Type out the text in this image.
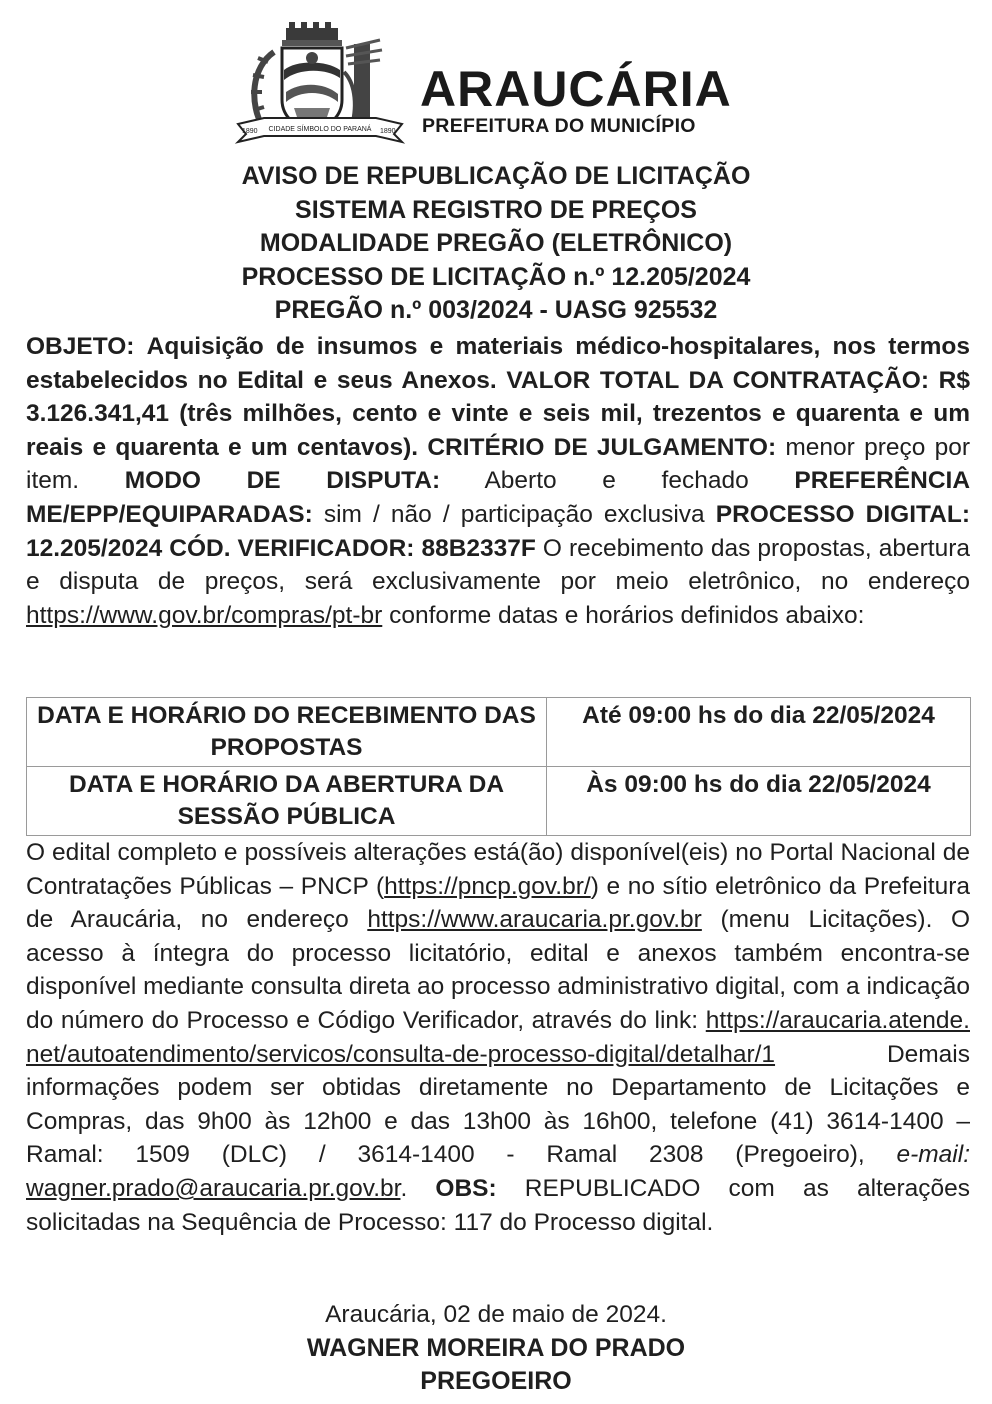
1890 CIDADE SÍMBOLO DO PARANÁ 1890
ARAUCÁRIA
PREFEITURA DO MUNICÍPIO
AVISO DE REPUBLICAÇÃO DE LICITAÇÃO
SISTEMA REGISTRO DE PREÇOS
MODALIDADE PREGÃO (ELETRÔNICO)
PROCESSO DE LICITAÇÃO n.º 12.205/2024
PREGÃO n.º 003/2024 - UASG 925532
OBJETO: Aquisição de insumos e materiais médico-hospitalares, nos termos estabelecidos no Edital e seus Anexos. VALOR TOTAL DA CONTRATAÇÃO: R$ 3.126.341,41 (três milhões, cento e vinte e seis mil, trezentos e quarenta e um reais e quarenta e um centavos). CRITÉRIO DE JULGAMENTO: menor preço por item. MODO DE DISPUTA: Aberto e fechado PREFERÊNCIA ME/EPP/EQUIPARADAS: sim / não / participação exclusiva PROCESSO DIGITAL: 12.205/2024 CÓD. VERIFICADOR: 88B2337F O recebimento das propostas, abertura e disputa de preços, será exclusivamente por meio eletrônico, no endereço https://www.gov.br/compras/pt-br conforme datas e horários definidos abaixo:
DATA E HORÁRIO DO RECEBIMENTO DAS PROPOSTAS	Até 09:00 hs do dia 22/05/2024
DATA E HORÁRIO DA ABERTURA DA SESSÃO PÚBLICA	Às 09:00 hs do dia 22/05/2024
O edital completo e possíveis alterações está(ão) disponível(eis) no Portal Nacional de Contratações Públicas – PNCP (https://pncp.gov.br/) e no sítio eletrônico da Prefeitura de Araucária, no endereço https://www.araucaria.pr.gov.br (menu Licitações). O acesso à íntegra do processo licitatório, edital e anexos também encontra-se disponível mediante consulta direta ao processo administrativo digital, com a indicação do número do Processo e Código Verificador, através do link: https://araucaria.atende.net/autoatendimento/servicos/consulta-de-processo-digital/detalhar/1	Demais informações podem ser obtidas diretamente no Departamento de Licitações e Compras, das 9h00 às 12h00 e das 13h00 às 16h00, telefone (41) 3614-1400 – Ramal: 1509 (DLC) / 3614-1400 - Ramal 2308 (Pregoeiro), e-mail: wagner.prado@araucaria.pr.gov.br. OBS: REPUBLICADO com as alterações solicitadas na Sequência de Processo: 117 do Processo digital.
Araucária, 02 de maio de 2024.
WAGNER MOREIRA DO PRADO
PREGOEIRO
